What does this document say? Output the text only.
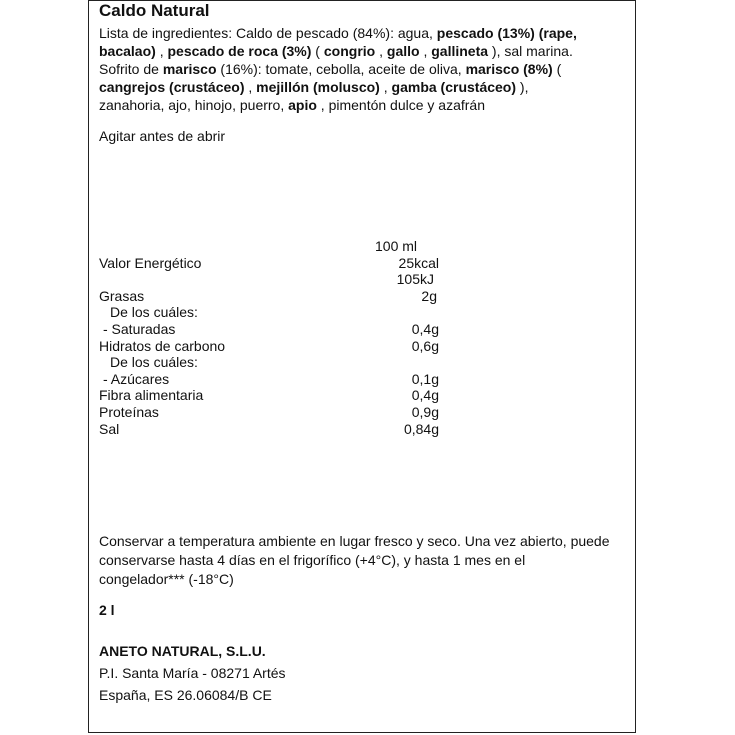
Caldo Natural
Lista de ingredientes: Caldo de pescado (84%): agua, pescado (13%) (rape,
bacalao) , pescado de roca (3%) ( congrio , gallo , gallineta ), sal marina.
Sofrito de marisco (16%): tomate, cebolla, aceite de oliva, marisco (8%) (
cangrejos (crustáceo) , mejillón (molusco) , gamba (crustáceo) ),
zanahoria, ajo, hinojo, puerro, apio , pimentón dulce y azafrán
Agitar antes de abrir
100 ml
Valor Energético	25kcal
105kJ
Grasas	2g
De los cuáles:
- Saturadas	0,4g
Hidratos de carbono	0,6g
De los cuáles:
- Azúcares	0,1g
Fibra alimentaria	0,4g
Proteínas	0,9g
Sal	0,84g
Conservar a temperatura ambiente en lugar fresco y seco. Una vez abierto, puede
conservarse hasta 4 días en el frigorífico (+4°C), y hasta 1 mes en el
congelador*** (-18°C)
2 l
ANETO NATURAL, S.L.U.
P.I. Santa María - 08271 Artés
España, ES 26.06084/B CE
